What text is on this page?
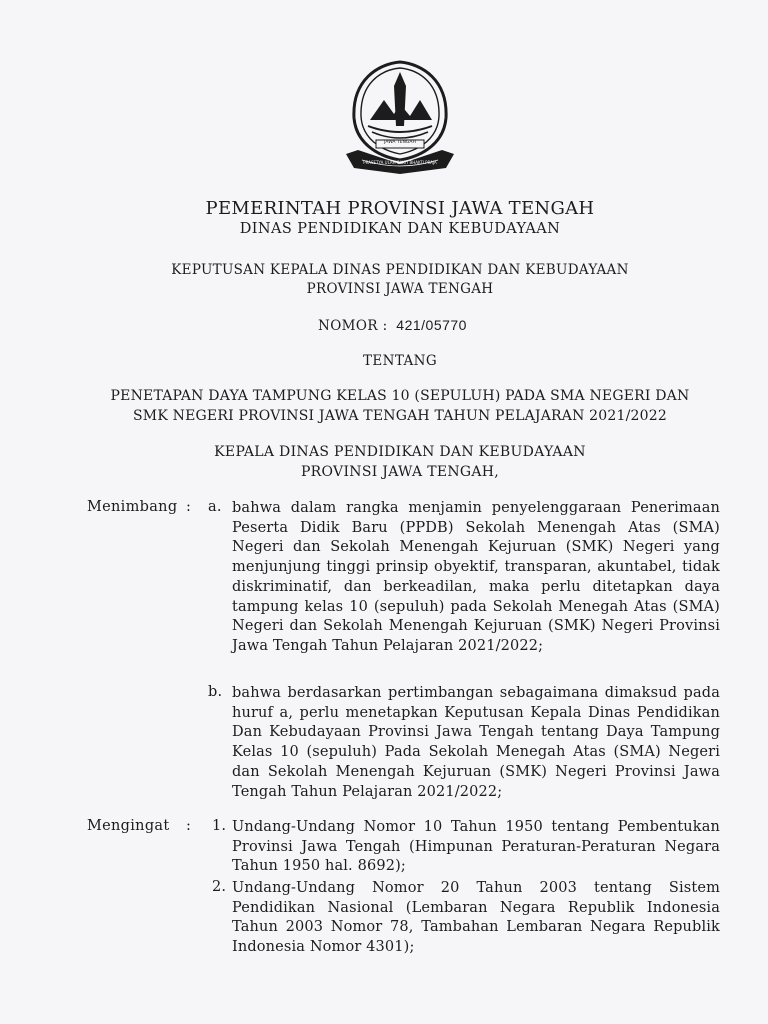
JAWA TENGAH
PRASETYA ULAH SAKTI BHAKTI PRAJA
PEMERINTAH PROVINSI JAWA TENGAH
DINAS PENDIDIKAN DAN KEBUDAYAAN
KEPUTUSAN KEPALA DINAS PENDIDIKAN DAN KEBUDAYAAN
PROVINSI JAWA TENGAH
NOMOR : 421/05770
TENTANG
PENETAPAN DAYA TAMPUNG KELAS 10 (SEPULUH) PADA SMA NEGERI DAN
SMK NEGERI PROVINSI JAWA TENGAH TAHUN PELAJARAN 2021/2022
KEPALA DINAS PENDIDIKAN DAN KEBUDAYAAN
PROVINSI JAWA TENGAH,
Menimbang : a. bahwa dalam rangka menjamin penyelenggaraan Penerimaan Peserta Didik Baru (PPDB) Sekolah Menengah Atas (SMA) Negeri dan Sekolah Menengah Kejuruan (SMK) Negeri yang menjunjung tinggi prinsip obyektif, transparan, akuntabel, tidak diskriminatif, dan berkeadilan, maka perlu ditetapkan daya tampung kelas 10 (sepuluh) pada Sekolah Menegah Atas (SMA) Negeri dan Sekolah Menengah Kejuruan (SMK) Negeri Provinsi Jawa Tengah Tahun Pelajaran 2021/2022;
b. bahwa berdasarkan pertimbangan sebagaimana dimaksud pada huruf a, perlu menetapkan Keputusan Kepala Dinas Pendidikan Dan Kebudayaan Provinsi Jawa Tengah tentang Daya Tampung Kelas 10 (sepuluh) Pada Sekolah Menegah Atas (SMA) Negeri dan Sekolah Menengah Kejuruan (SMK) Negeri Provinsi Jawa Tengah Tahun Pelajaran 2021/2022;
Mengingat : 1. Undang-Undang Nomor 10 Tahun 1950 tentang Pembentukan Provinsi Jawa Tengah (Himpunan Peraturan-Peraturan Negara Tahun 1950 hal. 8692);
2. Undang-Undang Nomor 20 Tahun 2003 tentang Sistem Pendidikan Nasional (Lembaran Negara Republik Indonesia Tahun 2003 Nomor 78, Tambahan Lembaran Negara Republik Indonesia Nomor 4301);
